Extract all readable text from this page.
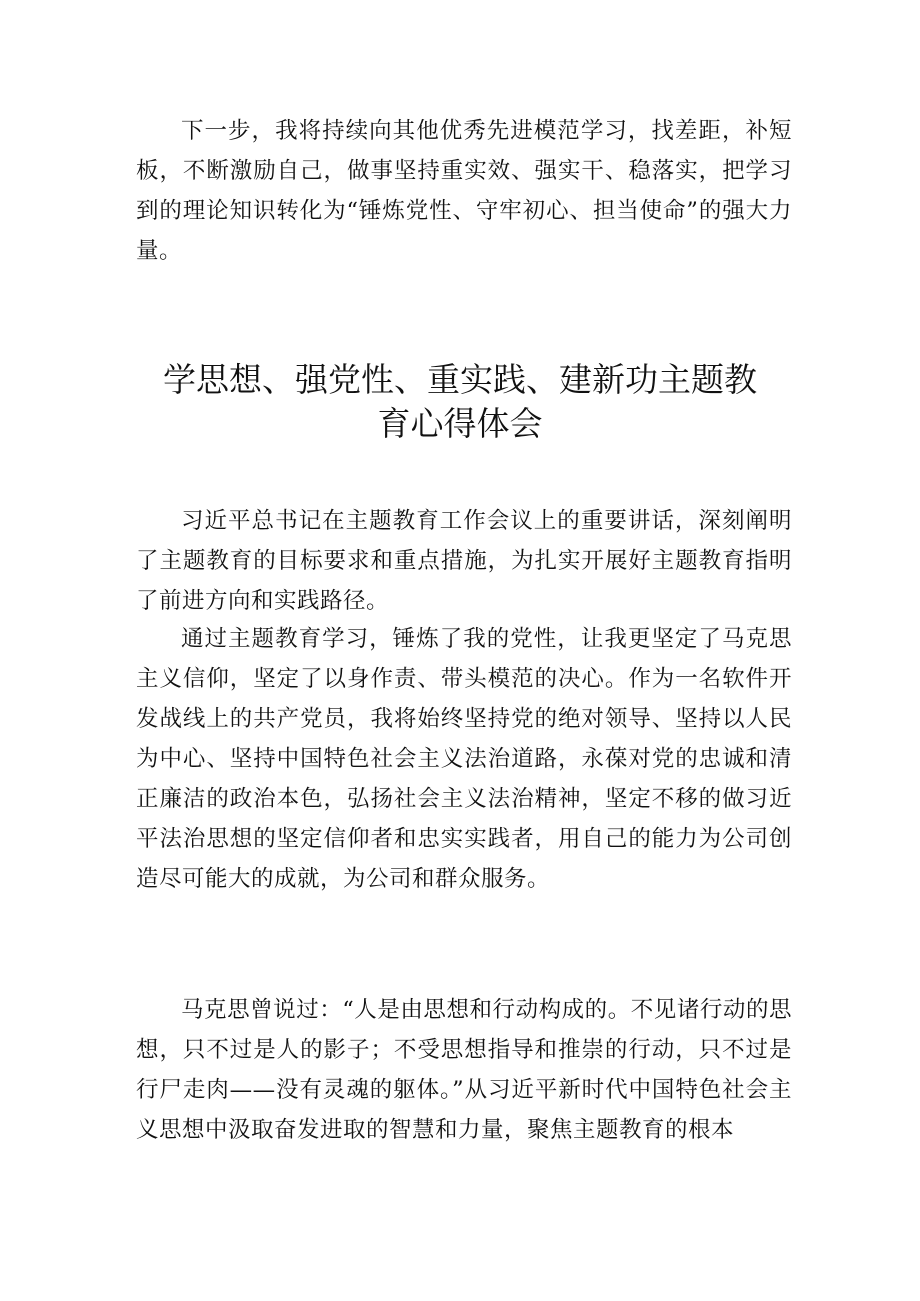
下一步，我将持续向其他优秀先进模范学习，找差距，补短板，不断激励自己，做事坚持重实效、强实干、稳落实，把学习到的理论知识转化为“锤炼党性、守牢初心、担当使命”的强大力量。

学思想、强党性、重实践、建新功主题教
育心得体会

习近平总书记在主题教育工作会议上的重要讲话，深刻阐明了主题教育的目标要求和重点措施，为扎实开展好主题教育指明了前进方向和实践路径。

通过主题教育学习，锤炼了我的党性，让我更坚定了马克思主义信仰，坚定了以身作责、带头模范的决心。作为一名软件开发战线上的共产党员，我将始终坚持党的绝对领导、坚持以人民为中心、坚持中国特色社会主义法治道路，永葆对党的忠诚和清正廉洁的政治本色，弘扬社会主义法治精神，坚定不移的做习近平法治思想的坚定信仰者和忠实实践者，用自己的能力为公司创造尽可能大的成就，为公司和群众服务。

马克思曾说过：“人是由思想和行动构成的。不见诸行动的思想，只不过是人的影子；不受思想指导和推崇的行动，只不过是行尸走肉——没有灵魂的躯体。”从习近平新时代中国特色社会主义思想中汲取奋发进取的智慧和力量，聚焦主题教育的根本
